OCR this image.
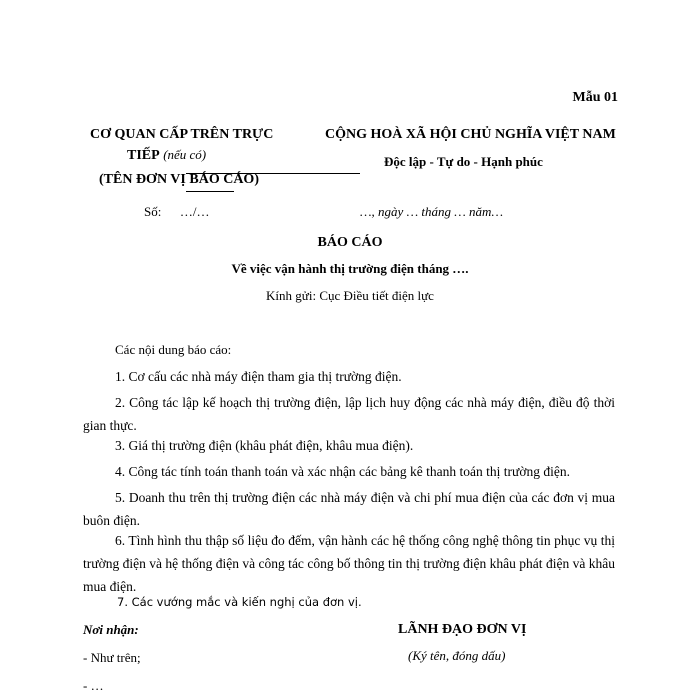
Mẫu 01
CƠ QUAN CẤP TRÊN TRỰC
TIẾP (nếu có)
(TÊN ĐƠN VỊ BÁO CÁO)
Số: …/…
CỘNG HOÀ XÃ HỘI CHỦ NGHĨA VIỆT NAM
Độc lập - Tự do - Hạnh phúc
…, ngày … tháng … năm…
BÁO CÁO
Về việc vận hành thị trường điện tháng ….
Kính gửi: Cục Điều tiết điện lực
Các nội dung báo cáo:
1. Cơ cấu các nhà máy điện tham gia thị trường điện.
2. Công tác lập kế hoạch thị trường điện, lập lịch huy động các nhà máy điện, điều độ thời gian thực.
3. Giá thị trường điện (khâu phát điện, khâu mua điện).
4. Công tác tính toán thanh toán và xác nhận các bảng kê thanh toán thị trường điện.
5. Doanh thu trên thị trường điện các nhà máy điện và chi phí mua điện của các đơn vị mua buôn điện.
6. Tình hình thu thập số liệu đo đếm, vận hành các hệ thống công nghệ thông tin phục vụ thị trường điện và hệ thống điện và công tác công bố thông tin thị trường điện khâu phát điện và khâu mua điện.
7. Các vướng mắc và kiến nghị của đơn vị.
Nơi nhận:
- Như trên;
- …
LÃNH ĐẠO ĐƠN VỊ
(Ký tên, đóng dấu)
